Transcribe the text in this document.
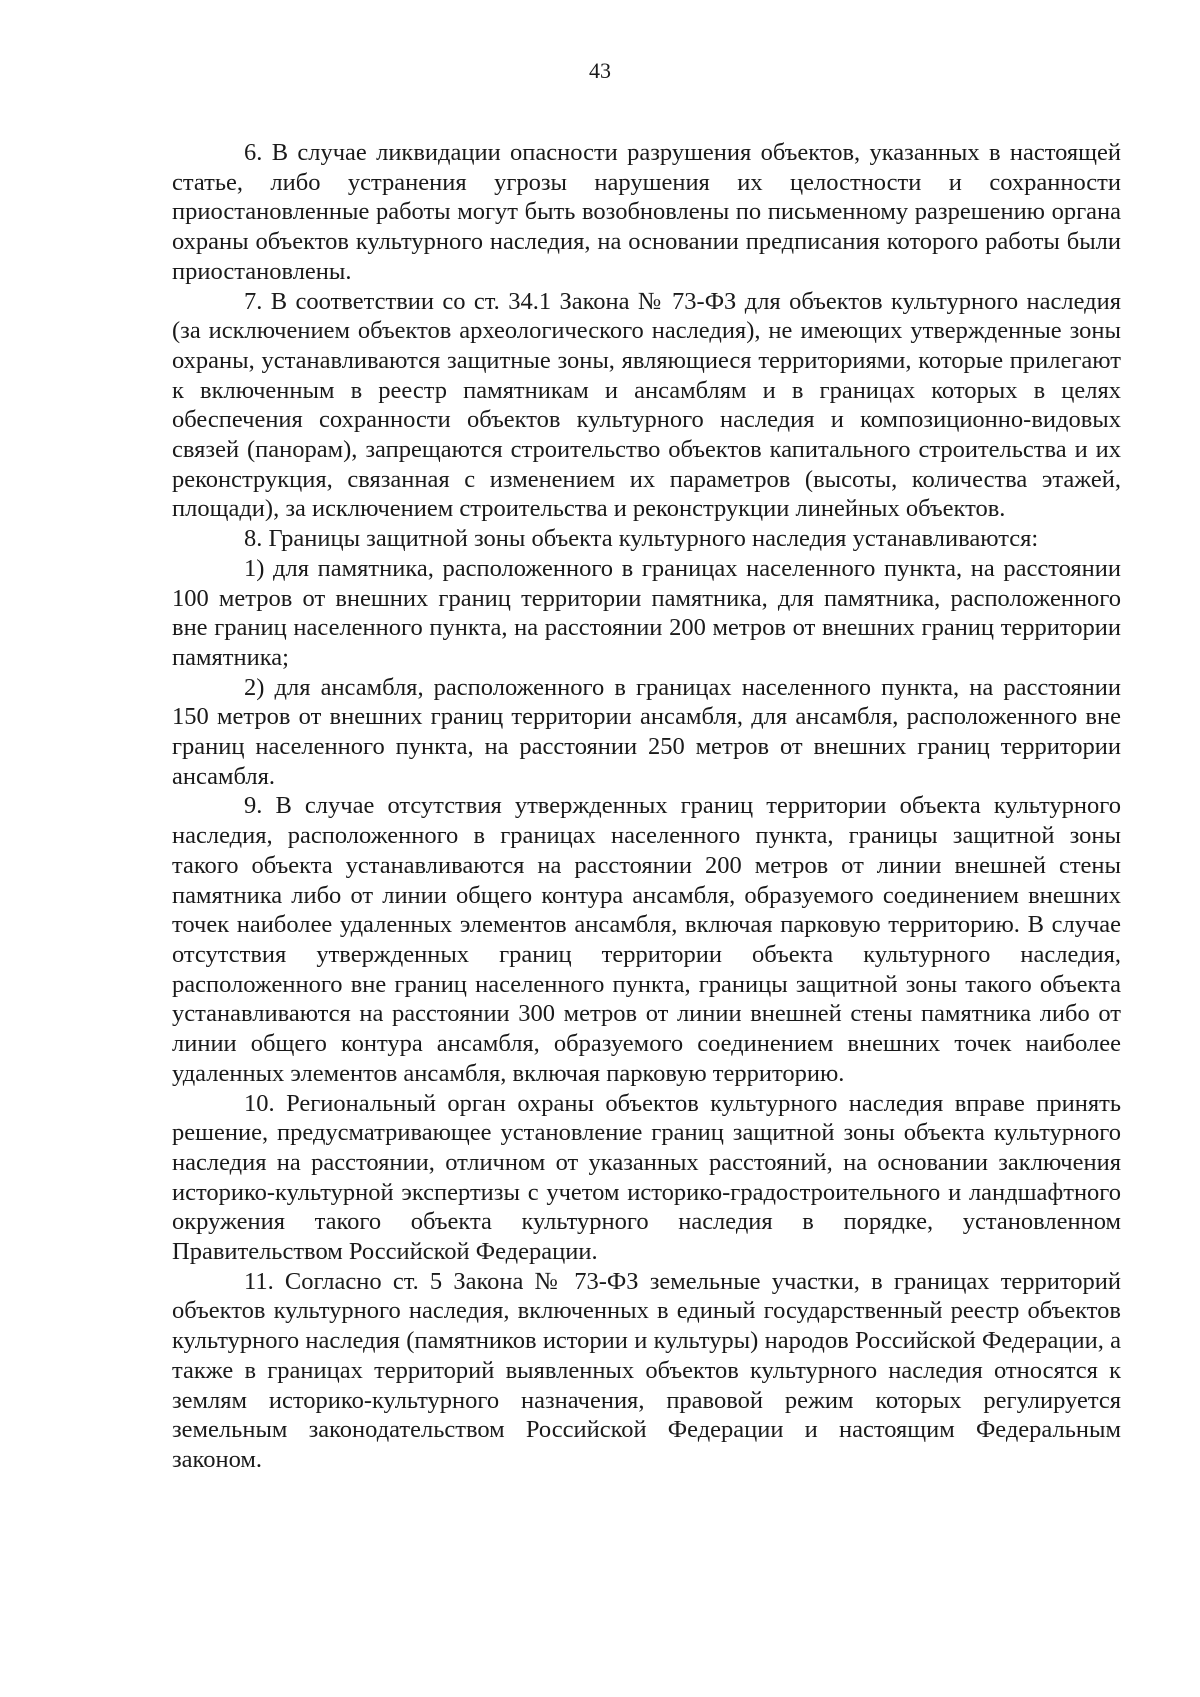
43

6. В случае ликвидации опасности разрушения объектов, указанных в настоящей статье, либо устранения угрозы нарушения их целостности и сохранности приостановленные работы могут быть возобновлены по письменному разрешению органа охраны объектов культурного наследия, на основании предписания которого работы были приостановлены.

7. В соответствии со ст. 34.1 Закона № 73-ФЗ для объектов культурного наследия (за исключением объектов археологического наследия), не имеющих утвержденные зоны охраны, устанавливаются защитные зоны, являющиеся территориями, которые прилегают к включенным в реестр памятникам и ансамблям и в границах которых в целях обеспечения сохранности объектов культурного наследия и композиционно-видовых связей (панорам), запрещаются строительство объектов капитального строительства и их реконструкция, связанная с изменением их параметров (высоты, количества этажей, площади), за исключением строительства и реконструкции линейных объектов.

8. Границы защитной зоны объекта культурного наследия устанавливаются:

1) для памятника, расположенного в границах населенного пункта, на расстоянии 100 метров от внешних границ территории памятника, для памятника, расположенного вне границ населенного пункта, на расстоянии 200 метров от внешних границ территории памятника;

2) для ансамбля, расположенного в границах населенного пункта, на расстоянии 150 метров от внешних границ территории ансамбля, для ансамбля, расположенного вне границ населенного пункта, на расстоянии 250 метров от внешних границ территории ансамбля.

9. В случае отсутствия утвержденных границ территории объекта культурного наследия, расположенного в границах населенного пункта, границы защитной зоны такого объекта устанавливаются на расстоянии 200 метров от линии внешней стены памятника либо от линии общего контура ансамбля, образуемого соединением внешних точек наиболее удаленных элементов ансамбля, включая парковую территорию. В случае отсутствия утвержденных границ территории объекта культурного наследия, расположенного вне границ населенного пункта, границы защитной зоны такого объекта устанавливаются на расстоянии 300 метров от линии внешней стены памятника либо от линии общего контура ансамбля, образуемого соединением внешних точек наиболее удаленных элементов ансамбля, включая парковую территорию.

10. Региональный орган охраны объектов культурного наследия вправе принять решение, предусматривающее установление границ защитной зоны объекта культурного наследия на расстоянии, отличном от указанных расстояний, на основании заключения историко-культурной экспертизы с учетом историко-градостроительного и ландшафтного окружения такого объекта культурного наследия в порядке, установленном Правительством Российской Федерации.

11. Согласно ст. 5 Закона № 73-ФЗ земельные участки, в границах территорий объектов культурного наследия, включенных в единый государственный реестр объектов культурного наследия (памятников истории и культуры) народов Российской Федерации, а также в границах территорий выявленных объектов культурного наследия относятся к землям историко-культурного назначения, правовой режим которых регулируется земельным законодательством Российской Федерации и настоящим Федеральным законом.
